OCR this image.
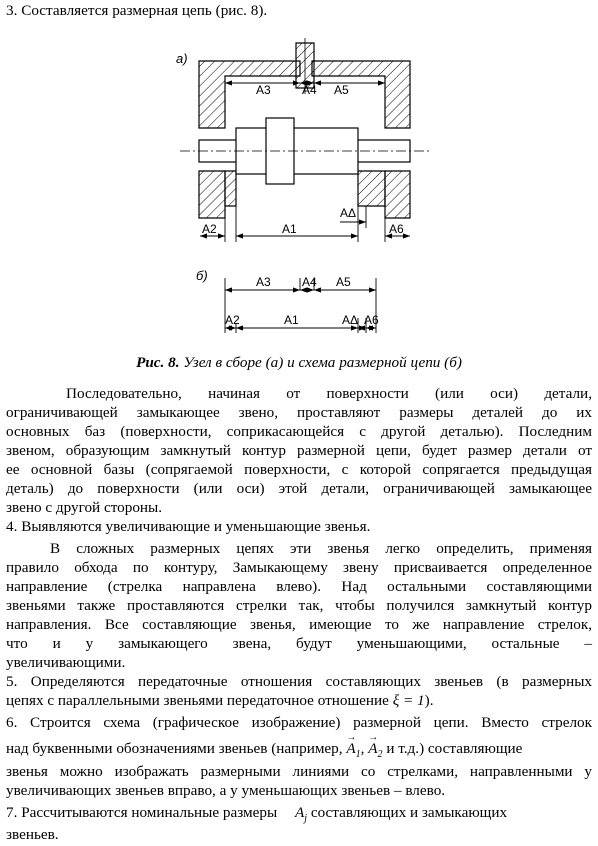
3. Составляется размерная цепь (рис. 8).
а)
A3	A4 A5
A2	A1
AΔ
A6
б)	A3	A4 A5
A2	A1	AΔ A6
Рис. 8. Узел в сборе (а) и схема размерной цепи (б)
Последовательно, начиная от поверхности (или оси) детали,
ограничивающей замыкающее звено, проставляют размеры деталей до их
основных баз (поверхности, соприкасающейся с другой деталью). Последним
звеном, образующим замкнутый контур размерной цепи, будет размер детали от
ее основной базы (сопрягаемой поверхности, с которой сопрягается предыдущая
деталь) до поверхности (или оси) этой детали, ограничивающей замыкающее
звено с другой стороны.
4. Выявляются увеличивающие и уменьшающие звенья.
В сложных размерных цепях эти звенья легко определить, применяя
правило обхода по контуру, Замыкающему звену присваивается определенное
направление (стрелка направлена влево). Над остальными составляющими
звеньями также проставляются стрелки так, чтобы получился замкнутый контур
направления. Все составляющие звенья, имеющие то же направление стрелок,
что и у замыкающего звена, будут уменьшающими, остальные –
увеличивающими.
5. Определяются передаточные отношения составляющих звеньев (в размерных
цепях с параллельными звеньями передаточное отношение ξ = 1).
6. Строится схема (графическое изображение) размерной цепи. Вместо стрелок
над буквенными обозначениями звеньев (например, → $A_1$, → $A_2$ и т.д.) составляющие
звенья можно изображать размерными линиями со стрелками, направленными у
увеличивающих звеньев вправо, а у уменьшающих звеньев – влево.
7. Рассчитываются номинальные размеры $A_j$ составляющих и замыкающих
звеньев.
